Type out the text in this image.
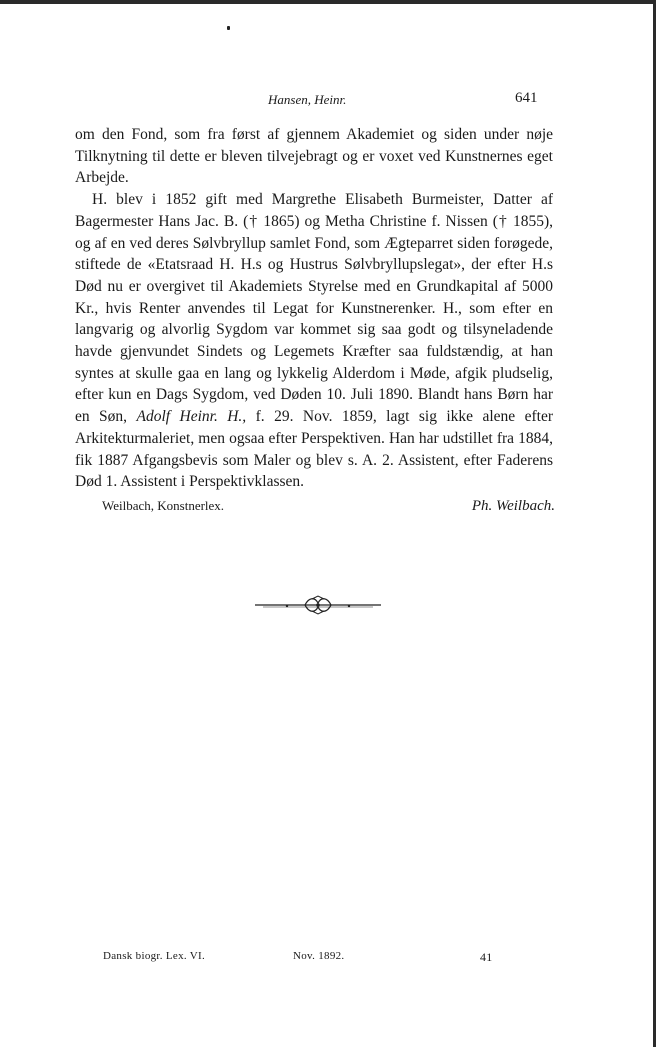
Hansen, Heinr.	641

om den Fond, som fra først af gjennem Akademiet og siden under nøje Tilknytning til dette er bleven tilvejebragt og er voxet ved Kunstnernes eget Arbejde.

H. blev i 1852 gift med Margrethe Elisabeth Burmeister, Datter af Bagermester Hans Jac. B. († 1865) og Metha Christine f. Nissen († 1855), og af en ved deres Sølvbryllup samlet Fond, som Ægteparret siden forøgede, stiftede de «Etatsraad H. H.s og Hustrus Sølvbryllupslegat», der efter H.s Død nu er overgivet til Akademiets Styrelse med en Grundkapital af 5000 Kr., hvis Renter anvendes til Legat for Kunstnerenker. H., som efter en langvarig og alvorlig Sygdom var kommet sig saa godt og tilsyneladende havde gjenvundet Sindets og Legemets Kræfter saa fuldstændig, at han syntes at skulle gaa en lang og lykkelig Alderdom i Møde, afgik pludselig, efter kun en Dags Sygdom, ved Døden 10. Juli 1890. Blandt hans Børn har en Søn, Adolf Heinr. H., f. 29. Nov. 1859, lagt sig ikke alene efter Arkitekturmaleriet, men ogsaa efter Perspektiven. Han har udstillet fra 1884, fik 1887 Afgangsbevis som Maler og blev s. A. 2. Assistent, efter Faderens Død 1. Assistent i Perspektivklassen.

Weilbach, Konstnerlex.	Ph. Weilbach.
Dansk biogr. Lex. VI.	Nov. 1892.	41
